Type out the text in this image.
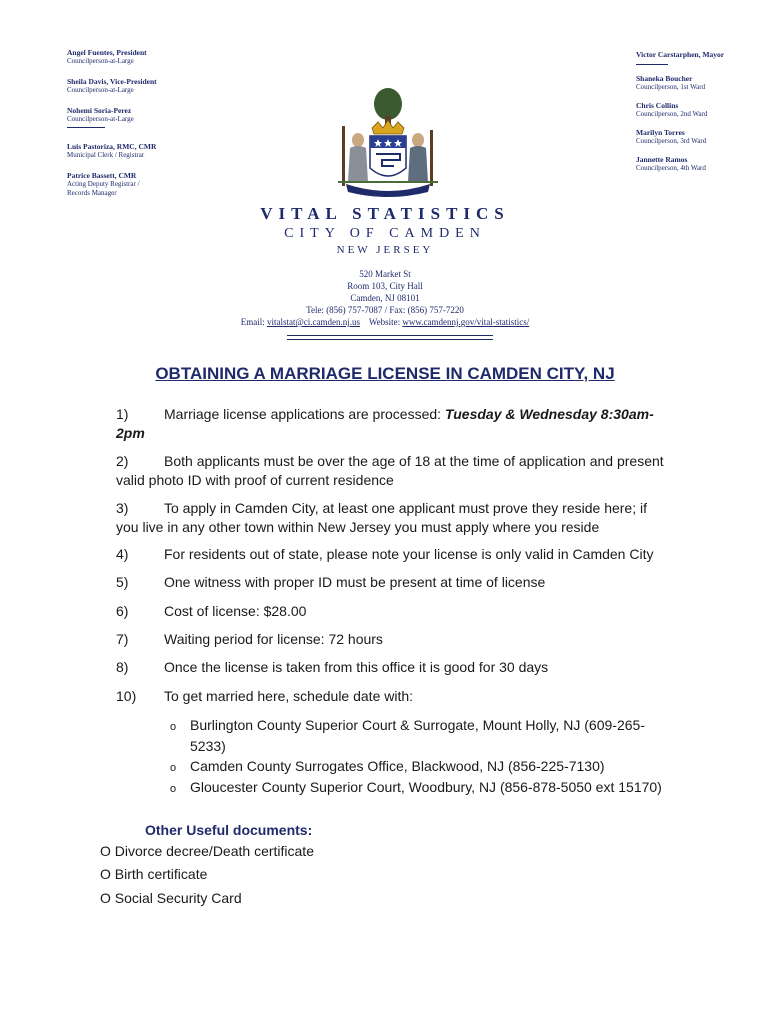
Angel Fuentes, President
Councilperson-at-Large
Sheila Davis, Vice-President
Councilperson-at-Large
Nohemi Soria-Perez
Councilperson-at-Large
Luis Pastoriza, RMC, CMR
Municipal Clerk / Registrar
Patrice Bassett, CMR
Acting Deputy Registrar /
Records Manager
Victor Carstarphen, Mayor
Shaneka Boucher
Councilperson, 1st Ward
Chris Collins
Councilperson, 2nd Ward
Marilyn Torres
Councilperson, 3rd Ward
Jannette Ramos
Councilperson, 4th Ward
VITAL STATISTICS
CITY OF CAMDEN
NEW JERSEY
520 Market St
Room 103, City Hall
Camden, NJ 08101
Tele: (856) 757-7087 / Fax: (856) 757-7220
Email: vitalstat@ci.camden.nj.us Website: www.camdennj.gov/vital-statistics/
OBTAINING A MARRIAGE LICENSE IN CAMDEN CITY, NJ
1)	Marriage license applications are processed: Tuesday & Wednesday 8:30am-
2pm
2)	Both applicants must be over the age of 18 at the time of application and present
valid photo ID with proof of current residence
3)	To apply in Camden City, at least one applicant must prove they reside here; if
you live in any other town within New Jersey you must apply where you reside
4)	For residents out of state, please note your license is only valid in Camden City
5)	One witness with proper ID must be present at time of license
6)	Cost of license: $28.00
7)	Waiting period for license: 72 hours
8)	Once the license is taken from this office it is good for 30 days
10) To get married here, schedule date with:
o Burlington County Superior Court & Surrogate, Mount Holly, NJ (609-265-
5233)
o Camden County Surrogates Office, Blackwood, NJ (856-225-7130)
o Gloucester County Superior Court, Woodbury, NJ (856-878-5050 ext 15170)
Other Useful documents:
O Divorce decree/Death certificate
O Birth certificate
O Social Security Card
